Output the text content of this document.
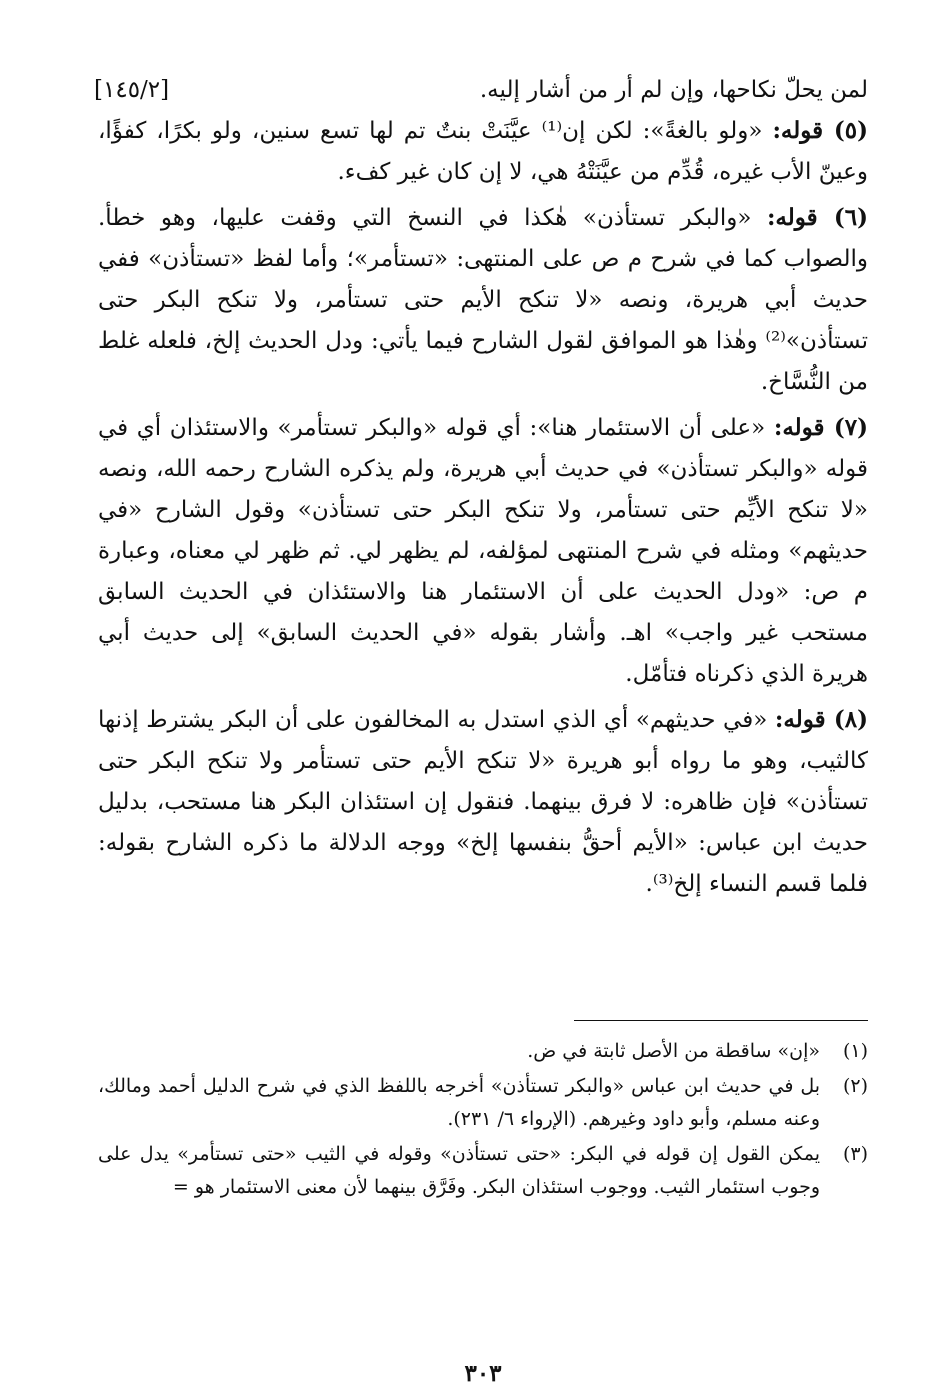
لمن يحلّ نكاحها، وإن لم أر من أشار إليه.
[١٤٥/٢]

(٥) قوله: «ولو بالغةً»: لكن إن⁽¹⁾ عيَّنَتْ بنتٌ تم لها تسع سنين، ولو بكرًا، كفؤًا، وعينّ الأب غيره، قُدِّم من عيَّنَتْهُ هي، لا إن كان غير كفء.

(٦) قوله: «والبكر تستأذن» هٰكذا في النسخ التي وقفت عليها، وهو خطأ. والصواب كما في شرح م ص على المنتهى: «تستأمر»؛ وأما لفظ «تستأذن» ففي حديث أبي هريرة، ونصه «لا تنكح الأيم حتى تستأمر، ولا تنكح البكر حتى تستأذن»⁽²⁾ وهٰذا هو الموافق لقول الشارح فيما يأتي: ودل الحديث إلخ، فلعله غلط من النُّسَّاخ.

(٧) قوله: «على أن الاستئمار هنا»: أي قوله «والبكر تستأمر» والاستئذان أي في قوله «والبكر تستأذن» في حديث أبي هريرة، ولم يذكره الشارح رحمه الله، ونصه «لا تنكح الأيِّم حتى تستأمر، ولا تنكح البكر حتى تستأذن» وقول الشارح «في حديثهم» ومثله في شرح المنتهى لمؤلفه، لم يظهر لي. ثم ظهر لي معناه، وعبارة م ص: «ودل الحديث على أن الاستئمار هنا والاستئذان في الحديث السابق مستحب غير واجب» اهـ. وأشار بقوله «في الحديث السابق» إلى حديث أبي هريرة الذي ذكرناه فتأمّل.

(٨) قوله: «في حديثهم» أي الذي استدل به المخالفون على أن البكر يشترط إذنها كالثيب، وهو ما رواه أبو هريرة «لا تنكح الأيم حتى تستأمر ولا تنكح البكر حتى تستأذن» فإن ظاهره: لا فرق بينهما. فنقول إن استئذان البكر هنا مستحب، بدليل حديث ابن عباس: «الأيم أحقُّ بنفسها إلخ» ووجه الدلالة ما ذكره الشارح بقوله: فلما قسم النساء إلخ⁽³⁾.

(١)
«إن» ساقطة من الأصل ثابتة في ض.
(٢)
بل في حديث ابن عباس «والبكر تستأذن» أخرجه باللفظ الذي في شرح الدليل أحمد ومالك، وعنه مسلم، وأبو داود وغيرهم. (الإرواء ٦/ ٢٣١).
(٣)
يمكن القول إن قوله في البكر: «حتى تستأذن» وقوله في الثيب «حتى تستأمر» يدل على وجوب استئمار الثيب. ووجوب استئذان البكر. وفَرَّق بينهما لأن معنى الاستئمار هو =
٣٠٣
